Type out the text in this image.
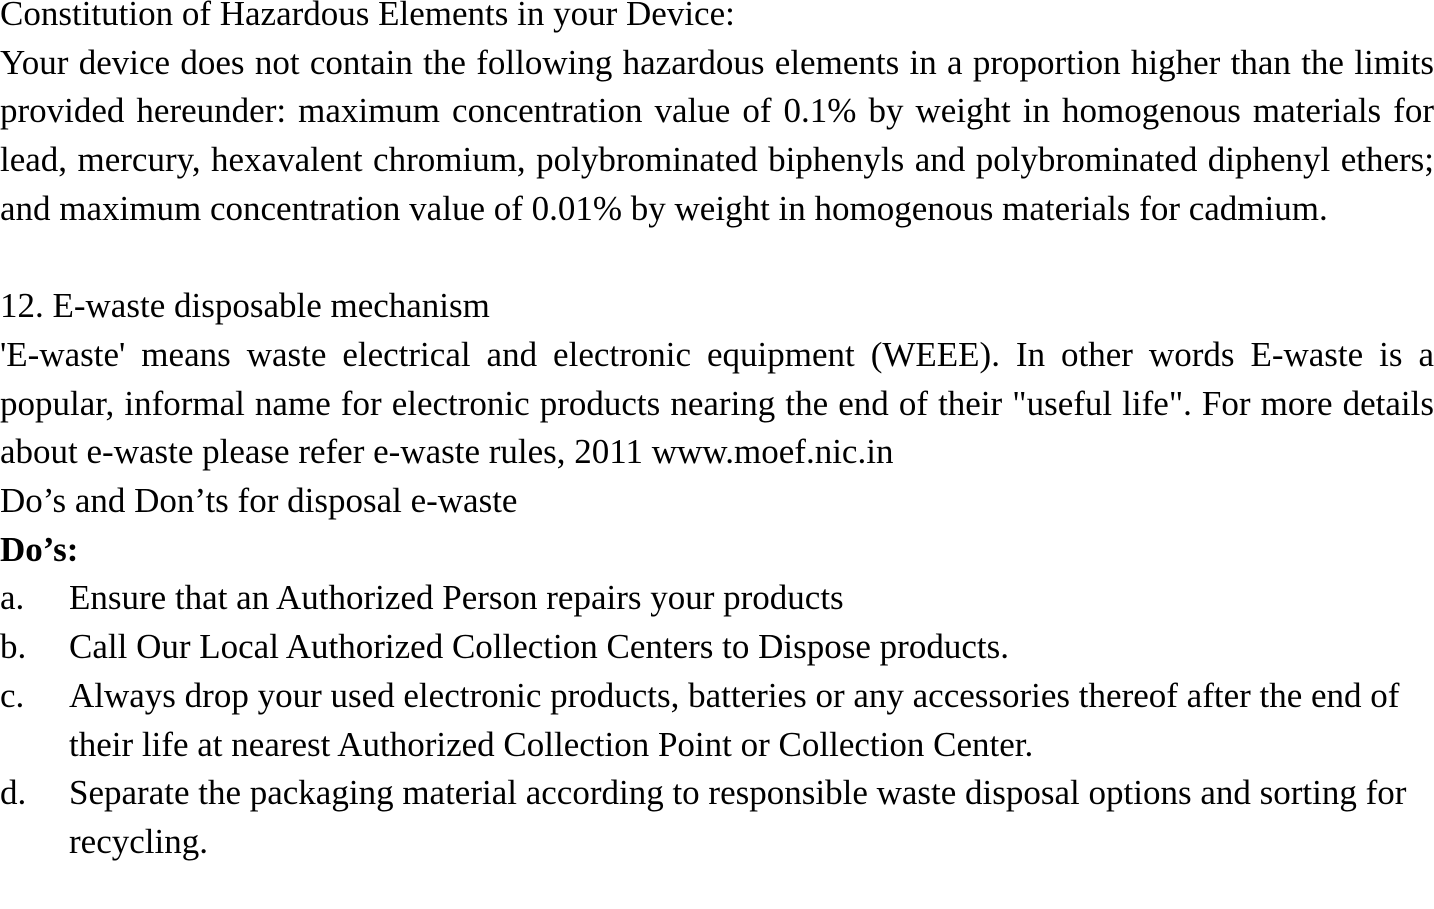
Constitution of Hazardous Elements in your Device:

Your device does not contain the following hazardous elements in a proportion higher than the limits provided hereunder: maximum concentration value of 0.1% by weight in homogenous materials for lead, mercury, hexavalent chromium, polybrominated biphenyls and polybrominated diphenyl ethers; and maximum concentration value of 0.01% by weight in homogenous materials for cadmium.

12. E-waste disposable mechanism

'E-waste' means waste electrical and electronic equipment (WEEE). In other words E-waste is a popular, informal name for electronic products nearing the end of their "useful life". For more details about e-waste please refer e-waste rules, 2011 www.moef.nic.in

Do’s and Don’ts for disposal e-waste

Do’s:

a.	Ensure that an Authorized Person repairs your products
b.	Call Our Local Authorized Collection Centers to Dispose products.
c.	Always drop your used electronic products, batteries or any accessories thereof after the end of their life at nearest Authorized Collection Point or Collection Center.
d.	Separate the packaging material according to responsible waste disposal options and sorting for recycling.
